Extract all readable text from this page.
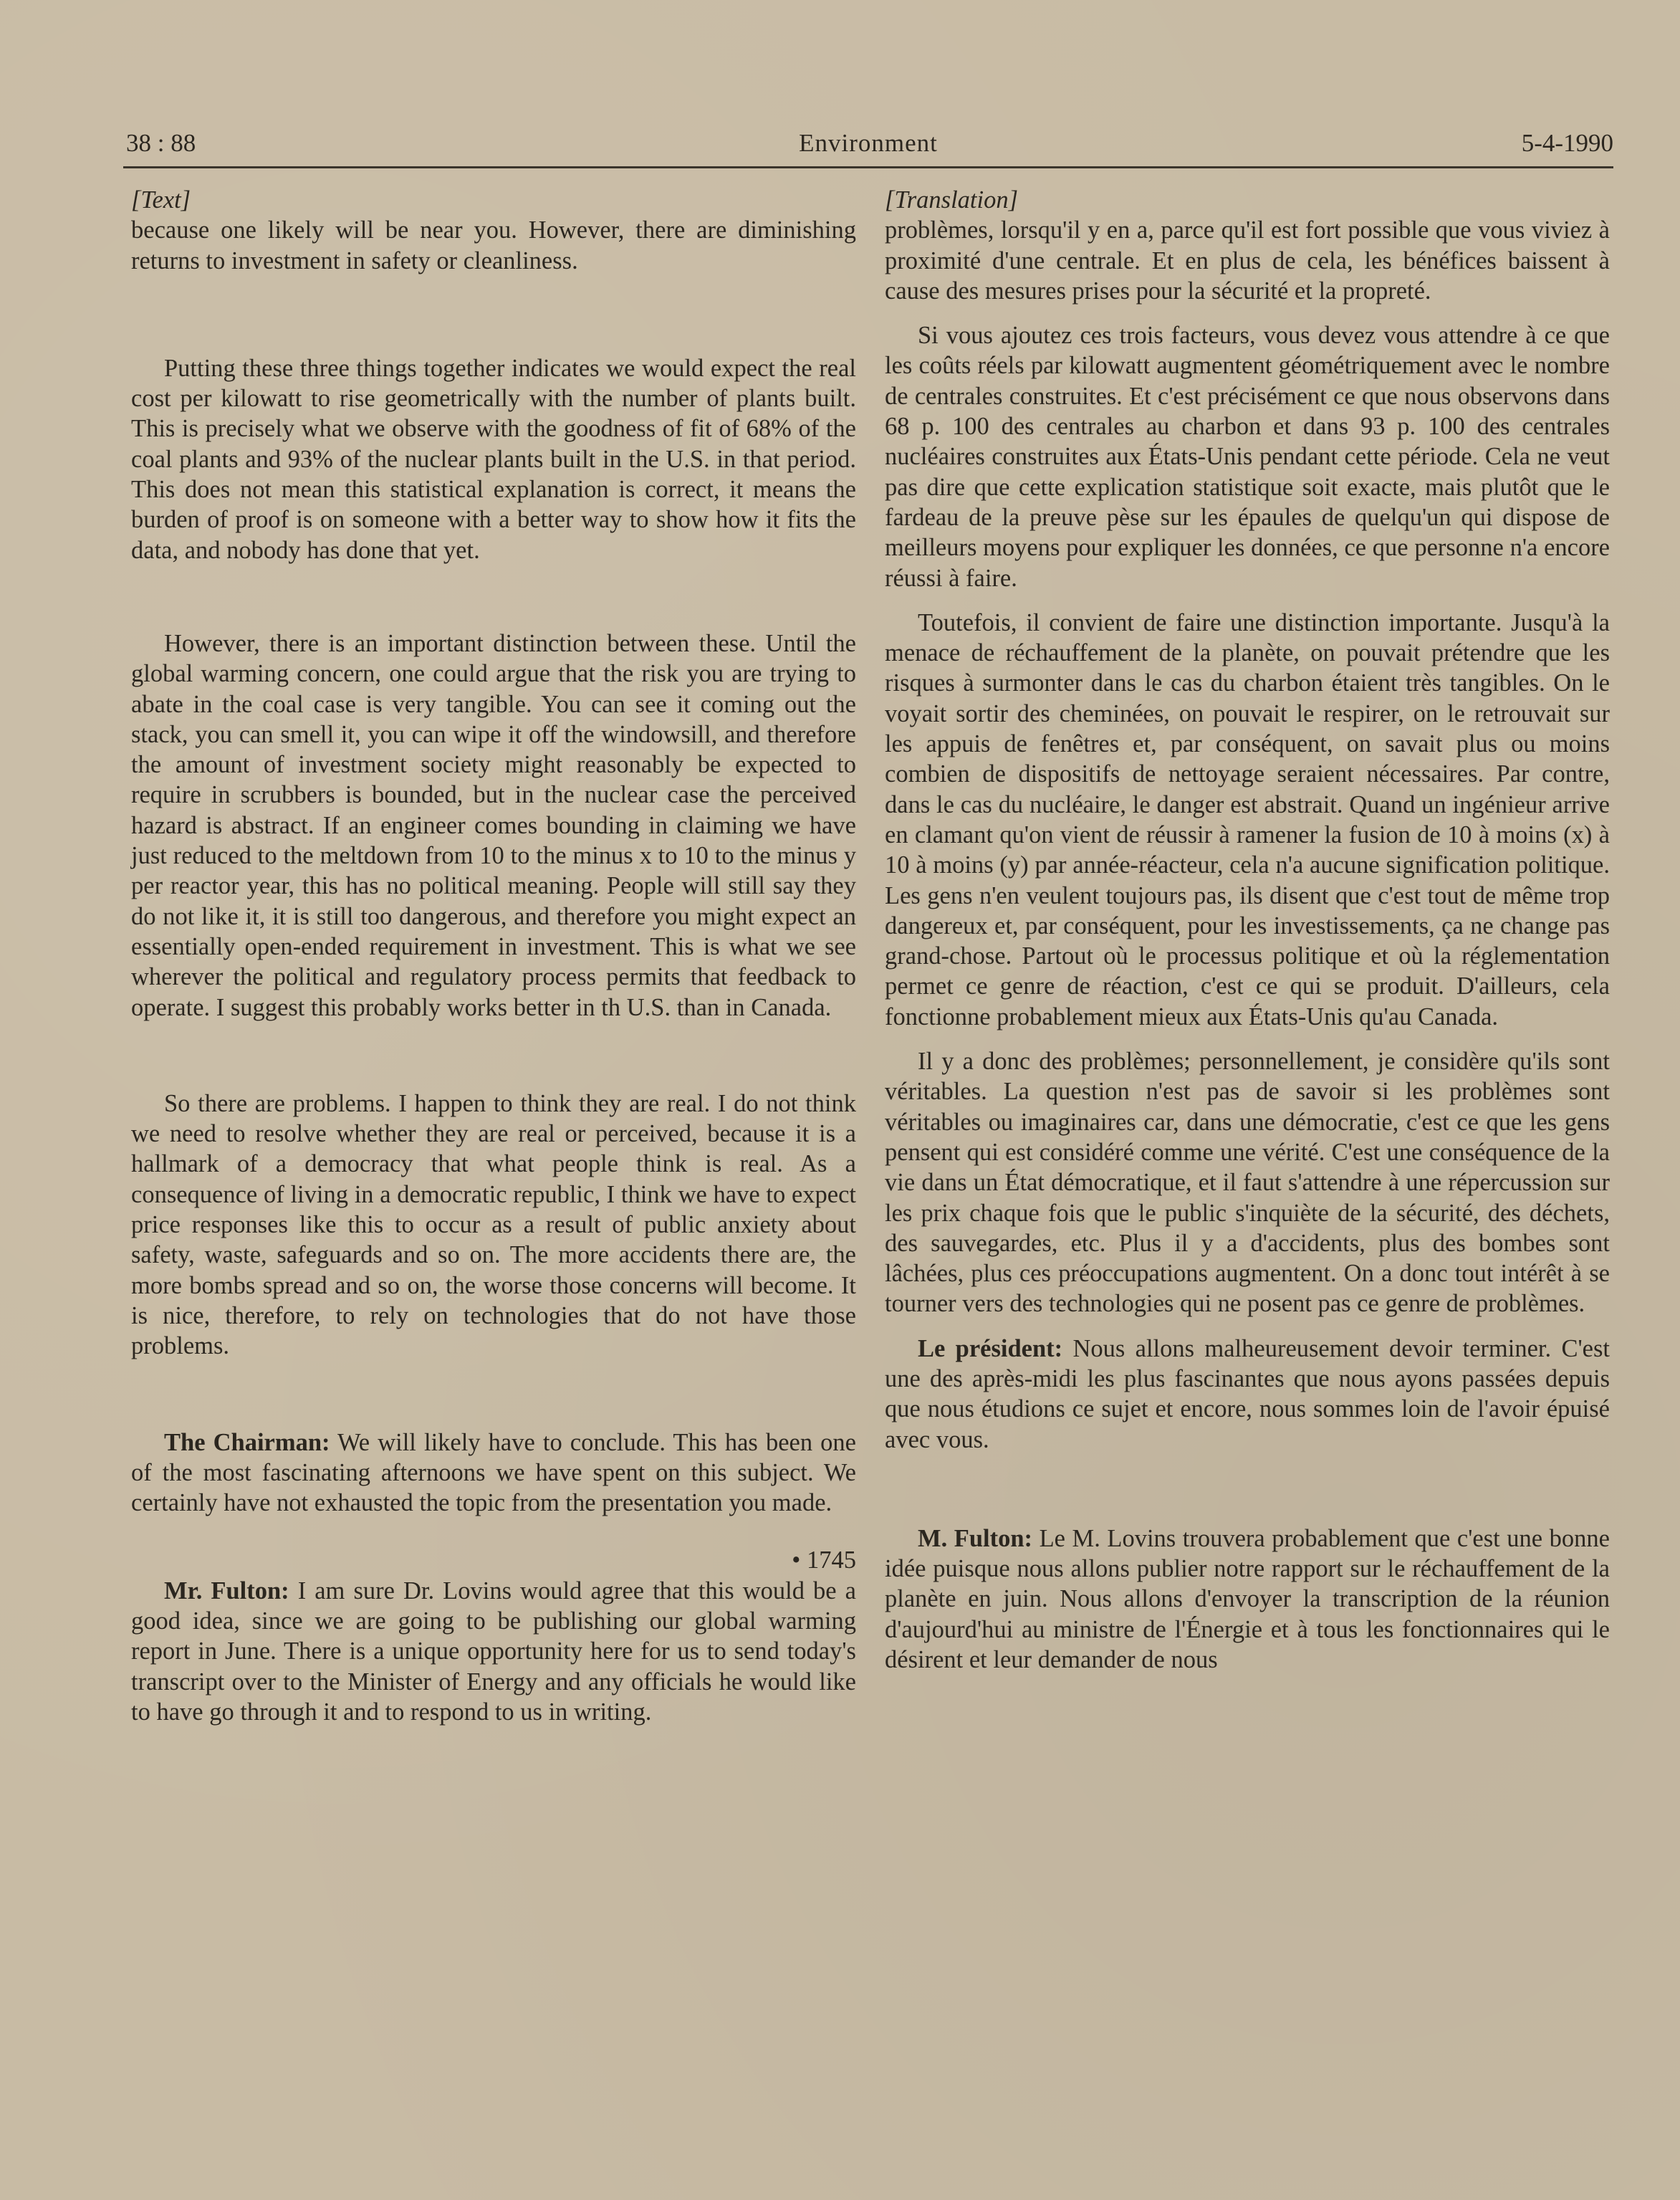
38 : 88	Environment	5-4-1990

[Text]

because one likely will be near you. However, there are diminishing returns to investment in safety or cleanliness.

Putting these three things together indicates we would expect the real cost per kilowatt to rise geometrically with the number of plants built. This is precisely what we observe with the goodness of fit of 68% of the coal plants and 93% of the nuclear plants built in the U.S. in that period. This does not mean this statistical explanation is correct, it means the burden of proof is on someone with a better way to show how it fits the data, and nobody has done that yet.

However, there is an important distinction between these. Until the global warming concern, one could argue that the risk you are trying to abate in the coal case is very tangible. You can see it coming out the stack, you can smell it, you can wipe it off the windowsill, and therefore the amount of investment society might reasonably be expected to require in scrubbers is bounded, but in the nuclear case the perceived hazard is abstract. If an engineer comes bounding in claiming we have just reduced to the meltdown from 10 to the minus x to 10 to the minus y per reactor year, this has no political meaning. People will still say they do not like it, it is still too dangerous, and therefore you might expect an essentially open-ended requirement in investment. This is what we see wherever the political and regulatory process permits that feedback to operate. I suggest this probably works better in th U.S. than in Canada.

So there are problems. I happen to think they are real. I do not think we need to resolve whether they are real or perceived, because it is a hallmark of a democracy that what people think is real. As a consequence of living in a democratic republic, I think we have to expect price responses like this to occur as a result of public anxiety about safety, waste, safeguards and so on. The more accidents there are, the more bombs spread and so on, the worse those concerns will become. It is nice, therefore, to rely on technologies that do not have those problems.

The Chairman: We will likely have to conclude. This has been one of the most fascinating afternoons we have spent on this subject. We certainly have not exhausted the topic from the presentation you made.

• 1745

Mr. Fulton: I am sure Dr. Lovins would agree that this would be a good idea, since we are going to be publishing our global warming report in June. There is a unique opportunity here for us to send today's transcript over to the Minister of Energy and any officials he would like to have go through it and to respond to us in writing.

[Translation]

problèmes, lorsqu'il y en a, parce qu'il est fort possible que vous viviez à proximité d'une centrale. Et en plus de cela, les bénéfices baissent à cause des mesures prises pour la sécurité et la propreté.

Si vous ajoutez ces trois facteurs, vous devez vous attendre à ce que les coûts réels par kilowatt augmentent géométriquement avec le nombre de centrales construites. Et c'est précisément ce que nous observons dans 68 p. 100 des centrales au charbon et dans 93 p. 100 des centrales nucléaires construites aux États-Unis pendant cette période. Cela ne veut pas dire que cette explication statistique soit exacte, mais plutôt que le fardeau de la preuve pèse sur les épaules de quelqu'un qui dispose de meilleurs moyens pour expliquer les données, ce que personne n'a encore réussi à faire.

Toutefois, il convient de faire une distinction importante. Jusqu'à la menace de réchauffement de la planète, on pouvait prétendre que les risques à surmonter dans le cas du charbon étaient très tangibles. On le voyait sortir des cheminées, on pouvait le respirer, on le retrouvait sur les appuis de fenêtres et, par conséquent, on savait plus ou moins combien de dispositifs de nettoyage seraient nécessaires. Par contre, dans le cas du nucléaire, le danger est abstrait. Quand un ingénieur arrive en clamant qu'on vient de réussir à ramener la fusion de 10 à moins (x) à 10 à moins (y) par année-réacteur, cela n'a aucune signification politique. Les gens n'en veulent toujours pas, ils disent que c'est tout de même trop dangereux et, par conséquent, pour les investissements, ça ne change pas grand-chose. Partout où le processus politique et où la réglementation permet ce genre de réaction, c'est ce qui se produit. D'ailleurs, cela fonctionne probablement mieux aux États-Unis qu'au Canada.

Il y a donc des problèmes; personnellement, je considère qu'ils sont véritables. La question n'est pas de savoir si les problèmes sont véritables ou imaginaires car, dans une démocratie, c'est ce que les gens pensent qui est considéré comme une vérité. C'est une conséquence de la vie dans un État démocratique, et il faut s'attendre à une répercussion sur les prix chaque fois que le public s'inquiète de la sécurité, des déchets, des sauvegardes, etc. Plus il y a d'accidents, plus des bombes sont lâchées, plus ces préoccupations augmentent. On a donc tout intérêt à se tourner vers des technologies qui ne posent pas ce genre de problèmes.

Le président: Nous allons malheureusement devoir terminer. C'est une des après-midi les plus fascinantes que nous ayons passées depuis que nous étudions ce sujet et encore, nous sommes loin de l'avoir épuisé avec vous.

M. Fulton: Le M. Lovins trouvera probablement que c'est une bonne idée puisque nous allons publier notre rapport sur le réchauffement de la planète en juin. Nous allons d'envoyer la transcription de la réunion d'aujourd'hui au ministre de l'Énergie et à tous les fonctionnaires qui le désirent et leur demander de nous
